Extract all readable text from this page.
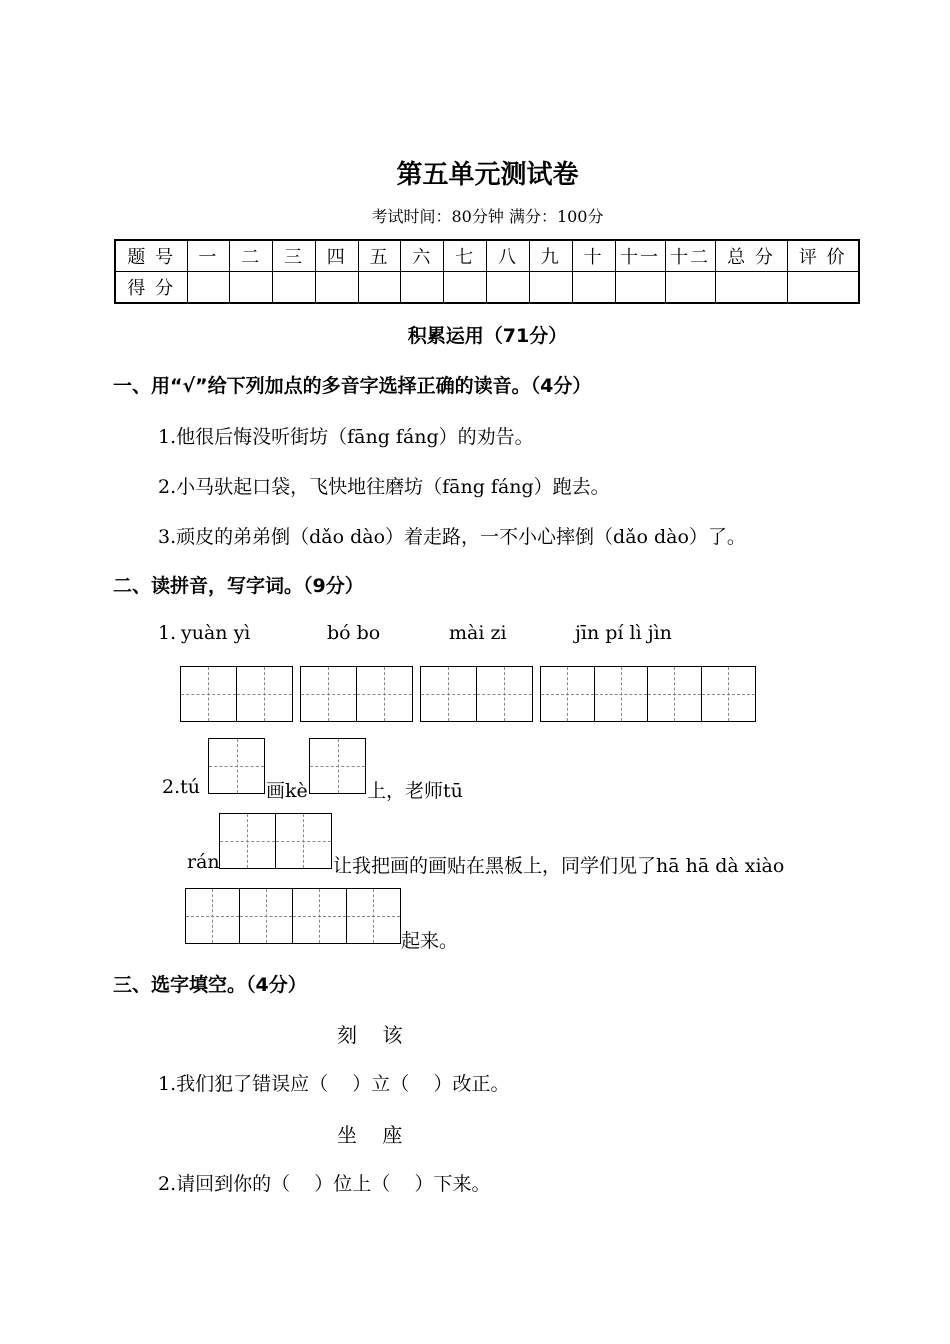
第五单元测试卷
考试时间：80分钟 满分：100分
题 号	一	二	三	四	五	六	七	八	九	十	十一	十二	总 分	评 价
得 分														
积累运用（71分）
一、用“√”给下列加点的多音字选择正确的读音。（4分）
1.他很后悔没听街坊（fāng fáng）的劝告。
2.小马驮起口袋，飞快地往磨坊（fāng fáng）跑去。
3.顽皮的弟弟倒（dǎo dào）着走路，一不小心摔倒（dǎo dào）了。
二、读拼音，写字词。（9分）
1. yuàn yì	bó bo	mài zi	jīn pí lì jìn
2.tú	画kè	上，老师tū
rán	让我把画的画贴在黑板上，同学们见了hā hā dà xiào
起来。
三、选字填空。（4分）
刻    该
1.我们犯了错误应（    ）立（    ）改正。
坐    座
2.请回到你的（    ）位上（    ）下来。
